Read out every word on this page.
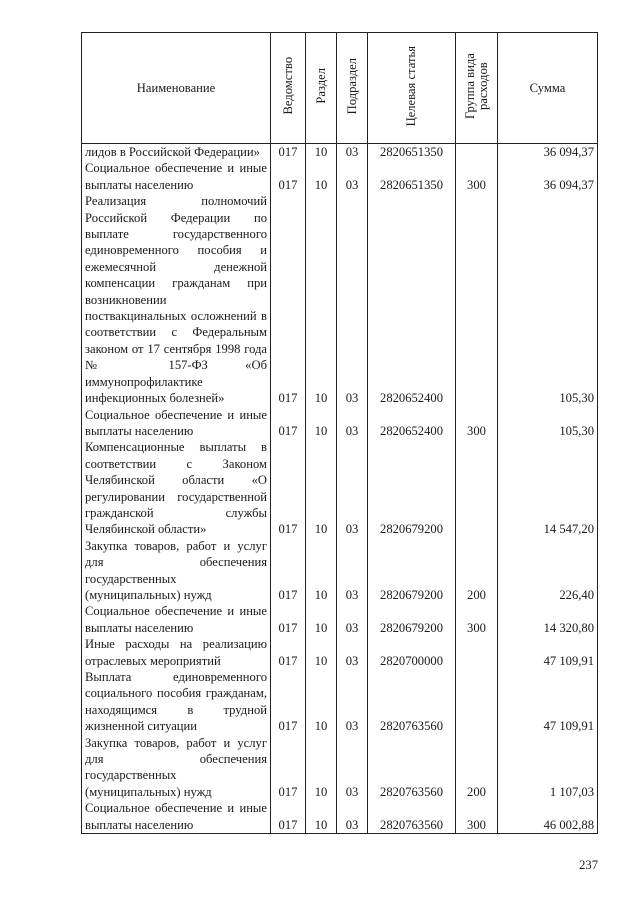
Наименование	Ведомство	Раздел	Подраздел	Целевая статья	Группа вида расходов	Сумма
лидов в Российской Федерации»	017	10	03	2820651350		36 094,37
Социальное обеспечение и иные выплаты населению	017	10	03	2820651350	300	36 094,37
Реализация полномочий Российской Федерации по выплате государственного единовременного пособия и ежемесячной денежной компенсации гражданам при возникновении поствакцинальных осложнений в соответствии с Федеральным законом от 17 сентября 1998 года № 157-ФЗ «Об иммунопрофилактике инфекционных болезней»	017	10	03	2820652400		105,30
Социальное обеспечение и иные выплаты населению	017	10	03	2820652400	300	105,30
Компенсационные выплаты в соответствии с Законом Челябинской области «О регулировании государственной гражданской службы Челябинской области»	017	10	03	2820679200		14 547,20
Закупка товаров, работ и услуг для обеспечения государственных (муниципальных) нужд	017	10	03	2820679200	200	226,40
Социальное обеспечение и иные выплаты населению	017	10	03	2820679200	300	14 320,80
Иные расходы на реализацию отраслевых мероприятий	017	10	03	2820700000		47 109,91
Выплата единовременного социального пособия гражданам, находящимся в трудной жизненной ситуации	017	10	03	2820763560		47 109,91
Закупка товаров, работ и услуг для обеспечения государственных (муниципальных) нужд	017	10	03	2820763560	200	1 107,03
Социальное обеспечение и иные выплаты населению	017	10	03	2820763560	300	46 002,88
237
